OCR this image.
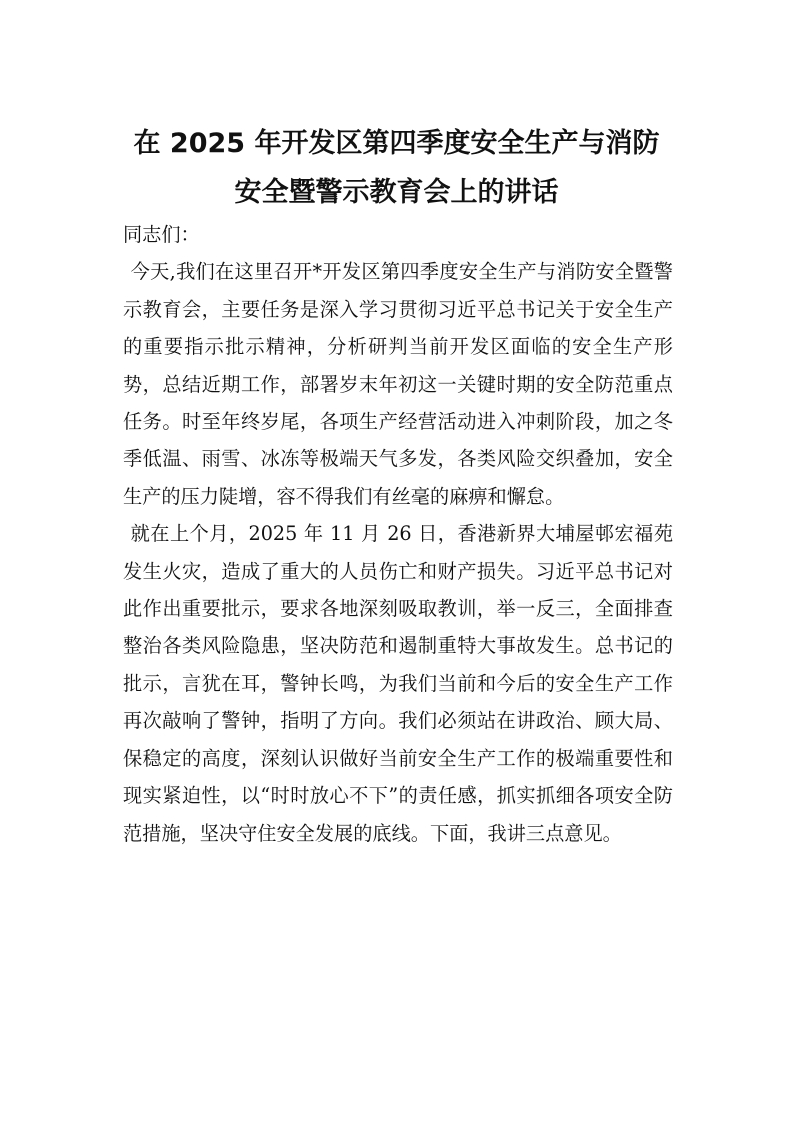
在 2025 年开发区第四季度安全生产与消防
安全暨警示教育会上的讲话

同志们：

今天,我们在这里召开*开发区第四季度安全生产与消防安全暨警示教育会，主要任务是深入学习贯彻习近平总书记关于安全生产的重要指示批示精神，分析研判当前开发区面临的安全生产形势，总结近期工作，部署岁末年初这一关键时期的安全防范重点任务。时至年终岁尾，各项生产经营活动进入冲刺阶段，加之冬季低温、雨雪、冰冻等极端天气多发，各类风险交织叠加，安全生产的压力陡增，容不得我们有丝毫的麻痹和懈怠。

就在上个月，2025 年 11 月 26 日，香港新界大埔屋邨宏福苑发生火灾，造成了重大的人员伤亡和财产损失。习近平总书记对此作出重要批示，要求各地深刻吸取教训，举一反三，全面排查整治各类风险隐患，坚决防范和遏制重特大事故发生。总书记的批示，言犹在耳，警钟长鸣，为我们当前和今后的安全生产工作再次敲响了警钟，指明了方向。我们必须站在讲政治、顾大局、保稳定的高度，深刻认识做好当前安全生产工作的极端重要性和现实紧迫性，以“时时放心不下”的责任感，抓实抓细各项安全防范措施，坚决守住安全发展的底线。下面，我讲三点意见。
